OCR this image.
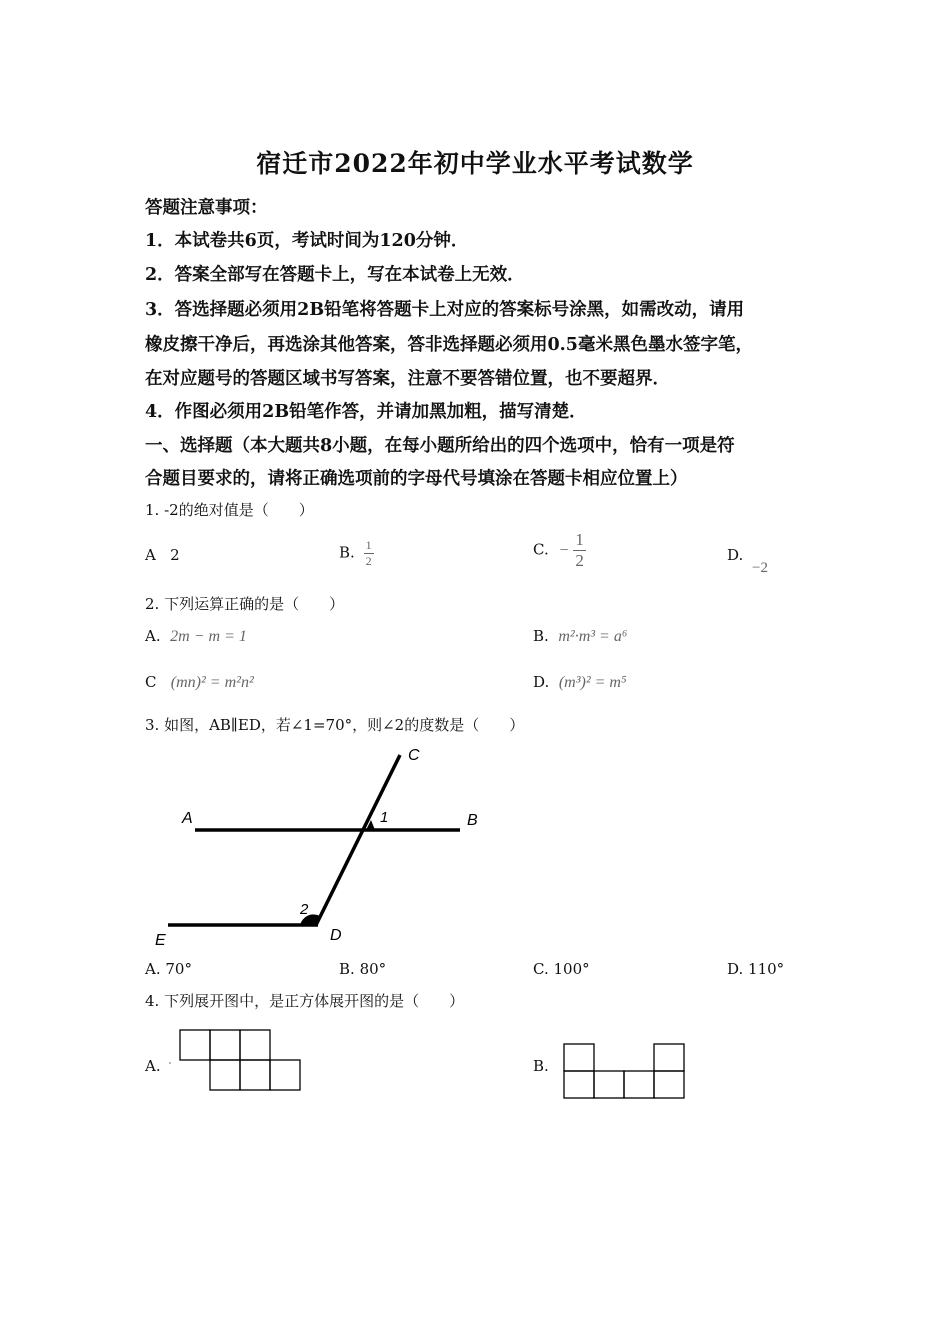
宿迁市2022年初中学业水平考试数学
答题注意事项：
1．本试卷共6页，考试时间为120分钟．
2．答案全部写在答题卡上，写在本试卷上无效．
3．答选择题必须用2B铅笔将答题卡上对应的答案标号涂黑，如需改动，请用
橡皮擦干净后，再选涂其他答案，答非选择题必须用0.5毫米黑色墨水签字笔，
在对应题号的答题区域书写答案，注意不要答错位置，也不要超界．
4．作图必须用2B铅笔作答，并请加黑加粗，描写清楚．
一、选择题（本大题共8小题，在每小题所给出的四个选项中，恰有一项是符
合题目要求的，请将正确选项前的字母代号填涂在答题卡相应位置上）
1. -2的绝对值是（　　）
A 2	B. $\frac{1}{2}$	C. − $\frac{1}{2}$	D.
−2
2. 下列运算正确的是（　　）
A. 2m − m = 1	B. m²·m³ = a⁶
C (mn)² = m²n²	D. (m³)² = m⁵
3. 如图，AB∥ED，若∠1=70°，则∠2的度数是（　　）
C
A	B
1
2
D
E
A. 70°	B. 80°	C. 100°	D. 110°
4. 下列展开图中，是正方体展开图的是（　　）
A.	B.
